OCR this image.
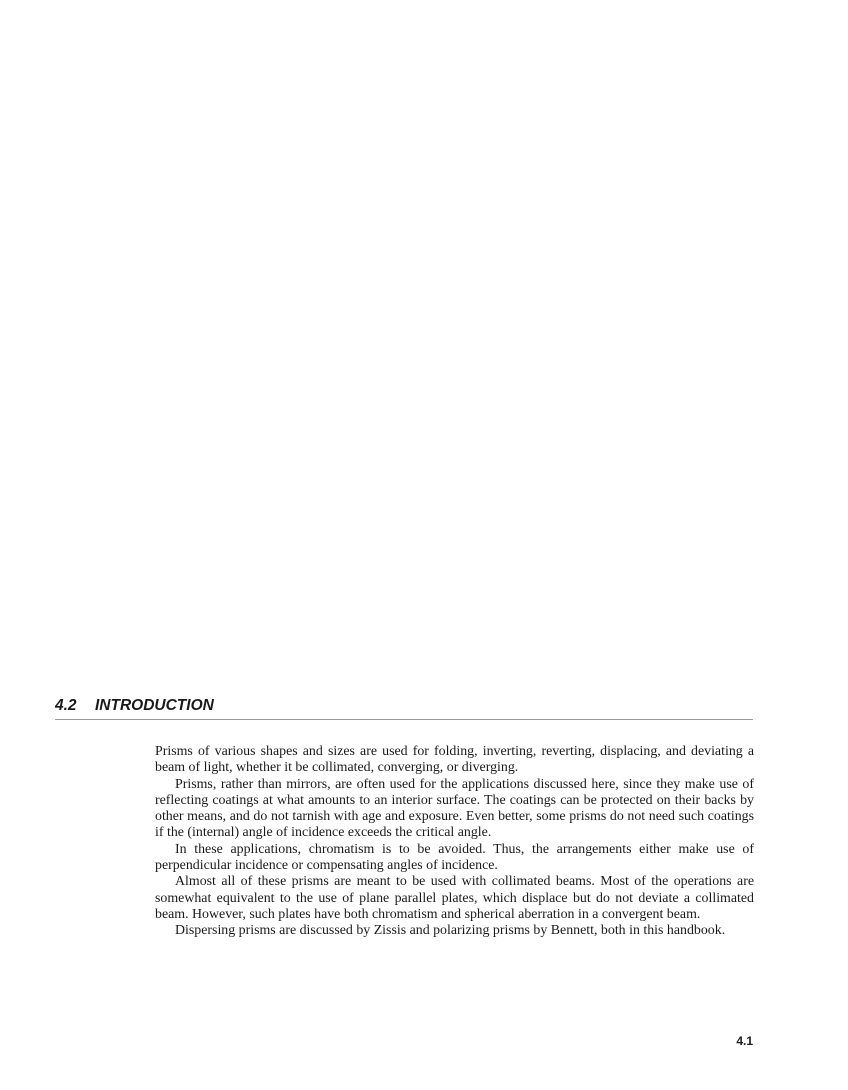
4.2 INTRODUCTION

Prisms of various shapes and sizes are used for folding, inverting, reverting, displacing, and deviating a beam of light, whether it be collimated, converging, or diverging.

Prisms, rather than mirrors, are often used for the applications discussed here, since they make use of reflecting coatings at what amounts to an interior surface. The coatings can be protected on their backs by other means, and do not tarnish with age and exposure. Even better, some prisms do not need such coatings if the (internal) angle of incidence exceeds the critical angle.

In these applications, chromatism is to be avoided. Thus, the arrangements either make use of perpendicular incidence or compensating angles of incidence.

Almost all of these prisms are meant to be used with collimated beams. Most of the operations are somewhat equivalent to the use of plane parallel plates, which displace but do not deviate a collimated beam. However, such plates have both chromatism and spherical aberration in a convergent beam.

Dispersing prisms are discussed by Zissis and polarizing prisms by Bennett, both in this handbook.

4.1
